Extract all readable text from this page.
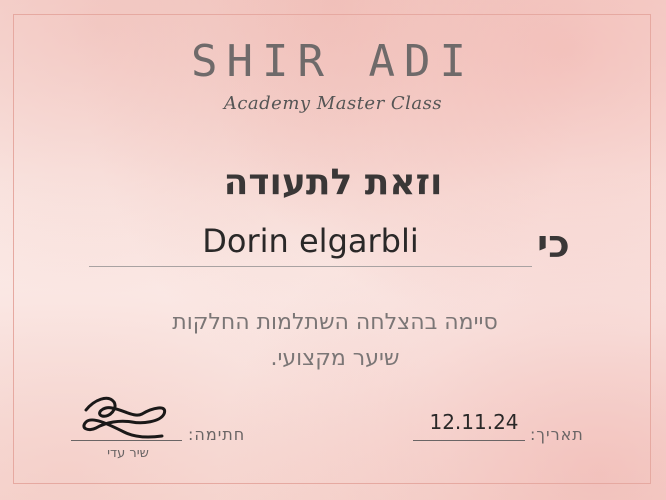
SHIR ADI
Academy Master Class
וזאת לתעודה
כי
Dorin elgarbli
סיימה בהצלחה השתלמות החלקות
שיער מקצועי.
תאריך:
12.11.24
חתימה:
שיר עדי
